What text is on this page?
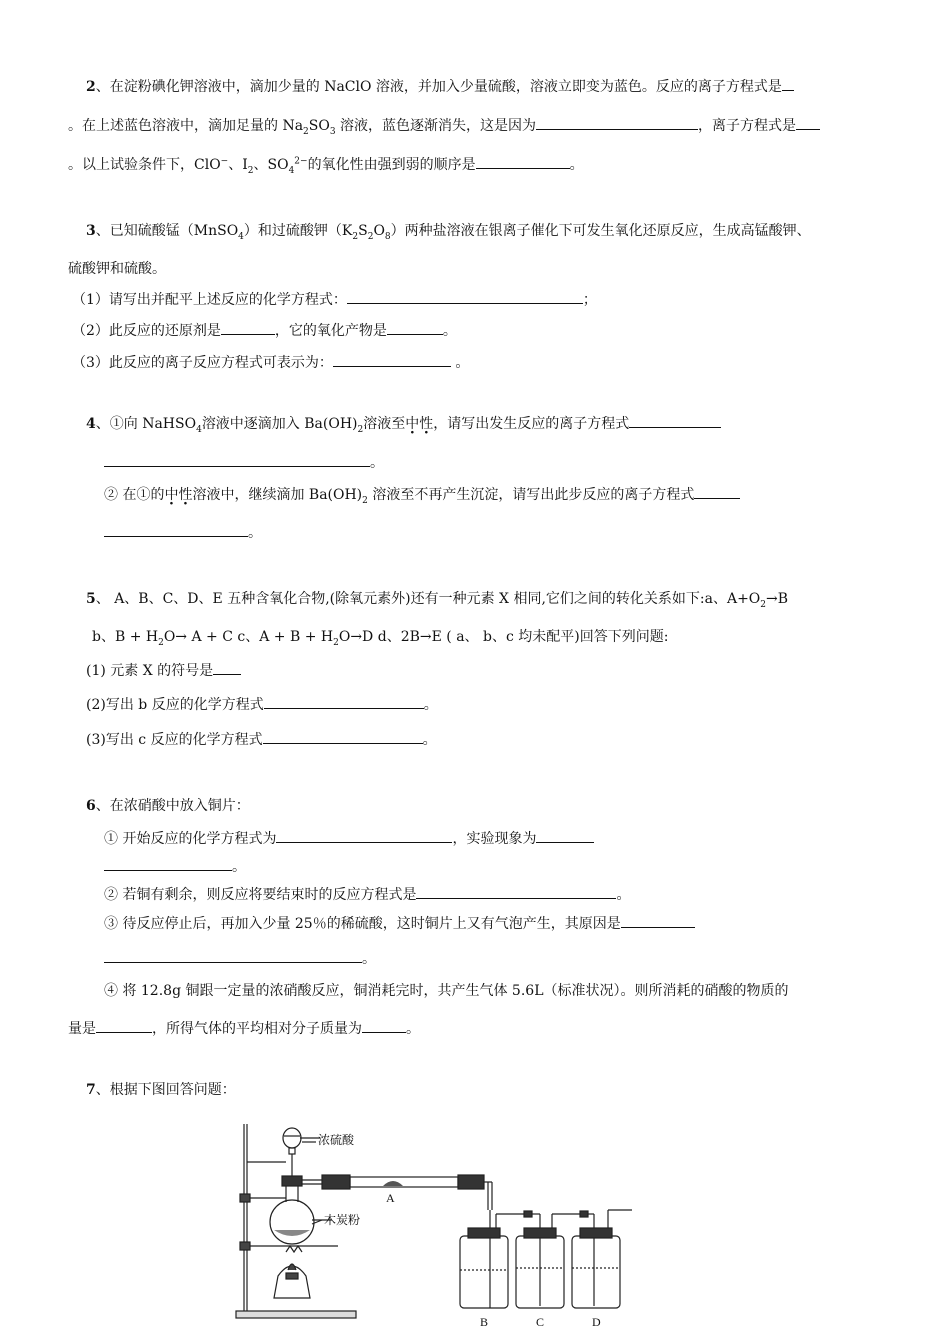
2、在淀粉碘化钾溶液中，滴加少量的 NaClO 溶液，并加入少量硫酸，溶液立即变为蓝色。反应的离子方程式是
。在上述蓝色溶液中，滴加足量的 $Na_2SO_3$ 溶液，蓝色逐渐消失，这是因为	，离子方程式是
。以上试验条件下，ClO−、$I_2$、$SO_4^{2-}$的氧化性由强到弱的顺序是	。
3、已知硫酸锰（MnSO$_4$）和过硫酸钾$(K_2S_2O_8)$两种盐溶液在银离子催化下可发生氧化还原反应，生成高锰酸钾、
硫酸钾和硫酸。
（1）请写出并配平上述反应的化学方程式：	；
（2）此反应的还原剂是	，它的氧化产物是	。
（3）此反应的离子反应方程式可表示为：	。
4、①向 NaHSO$_4$溶液中逐滴加入 $Ba(OH)_2$溶液至中性，请写出发生反应的离子方程式
。
② 在①的中性溶液中，继续滴加 $Ba(OH)_2$ 溶液至不再产生沉淀，请写出此步反应的离子方程式
。
5、 A、B、C、D、E 五种含氧化合物,(除氧元素外)还有一种元素 X 相同,它们之间的转化关系如下:a、$A+O_2\to B$
b、$B + H_2O\to A + C$ c、$A + B + H_2O\to D$ d、2B→E ( a、 b、c 均未配平)回答下列问题:
(1) 元素 X 的符号是
(2)写出 b 反应的化学方程式	。
(3)写出 c 反应的化学方程式	。
6、在浓硝酸中放入铜片：
① 开始反应的化学方程式为	，实验现象为
。
② 若铜有剩余，则反应将要结束时的反应方程式是	。
③ 待反应停止后，再加入少量 25％的稀硫酸，这时铜片上又有气泡产生，其原因是
。
④ 将 12.8g 铜跟一定量的浓硝酸反应，铜消耗完时，共产生气体 5.6L（标准状况）。则所消耗的硝酸的物质的
量是	，所得气体的平均相对分子质量为	。
7、根据下图回答问题：
浓硫酸
A
木炭粉
B	C	D
